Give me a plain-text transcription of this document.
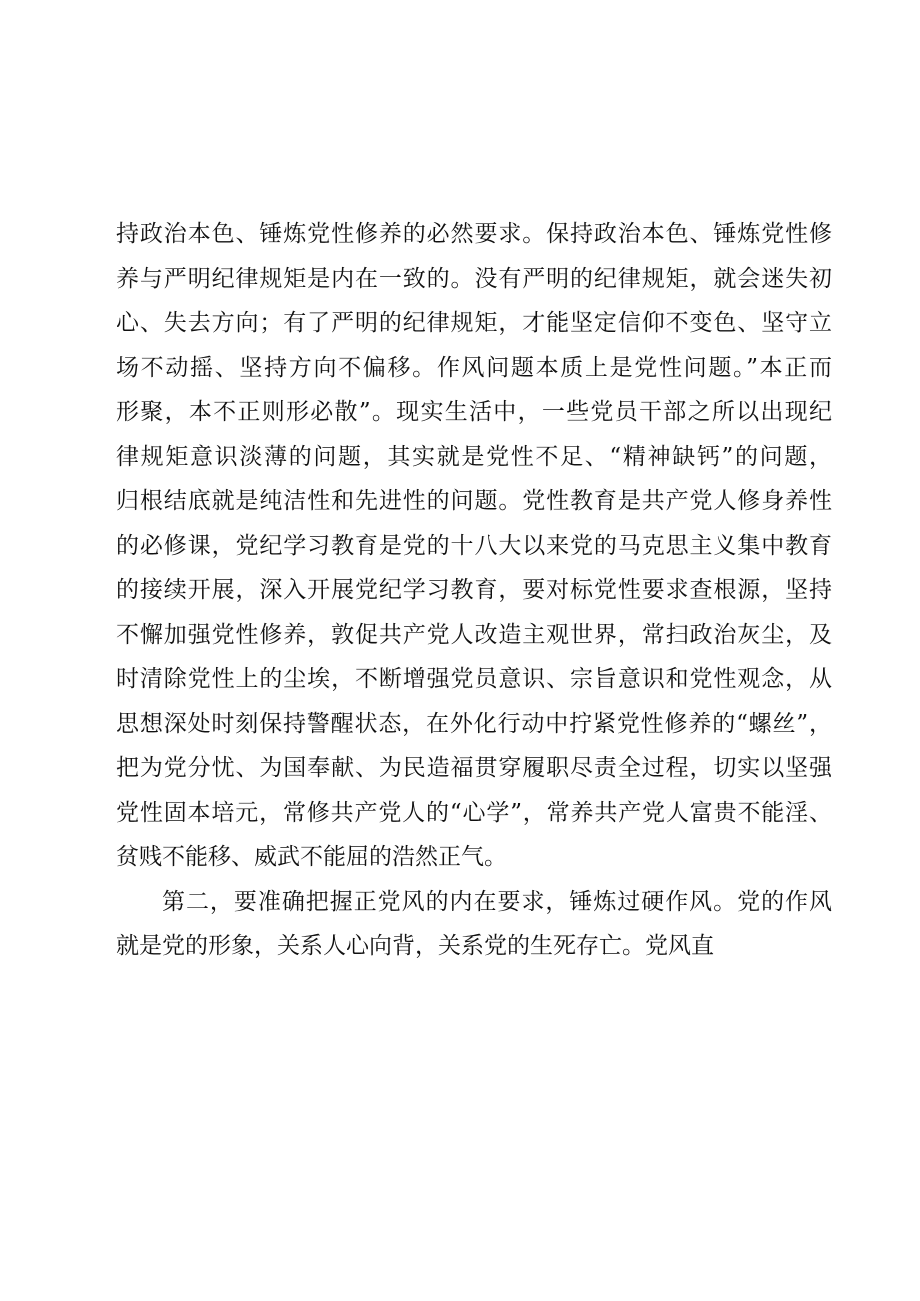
持政治本色、锤炼党性修养的必然要求。保持政治本色、锤炼党性修
养与严明纪律规矩是内在一致的。没有严明的纪律规矩，就会迷失初
心、失去方向；有了严明的纪律规矩，才能坚定信仰不变色、坚守立
场不动摇、坚持方向不偏移。作风问题本质上是党性问题。”本正而
形聚，本不正则形必散”。现实生活中，一些党员干部之所以出现纪
律规矩意识淡薄的问题，其实就是党性不足、“精神缺钙”的问题，
归根结底就是纯洁性和先进性的问题。党性教育是共产党人修身养性
的必修课，党纪学习教育是党的十八大以来党的马克思主义集中教育
的接续开展，深入开展党纪学习教育，要对标党性要求查根源，坚持
不懈加强党性修养，敦促共产党人改造主观世界，常扫政治灰尘，及
时清除党性上的尘埃，不断增强党员意识、宗旨意识和党性观念，从
思想深处时刻保持警醒状态，在外化行动中拧紧党性修养的“螺丝”，
把为党分忧、为国奉献、为民造福贯穿履职尽责全过程，切实以坚强
党性固本培元，常修共产党人的“心学”，常养共产党人富贵不能淫、
贫贱不能移、威武不能屈的浩然正气。
第二，要准确把握正党风的内在要求，锤炼过硬作风。党的作风
就是党的形象，关系人心向背，关系党的生死存亡。党风直
